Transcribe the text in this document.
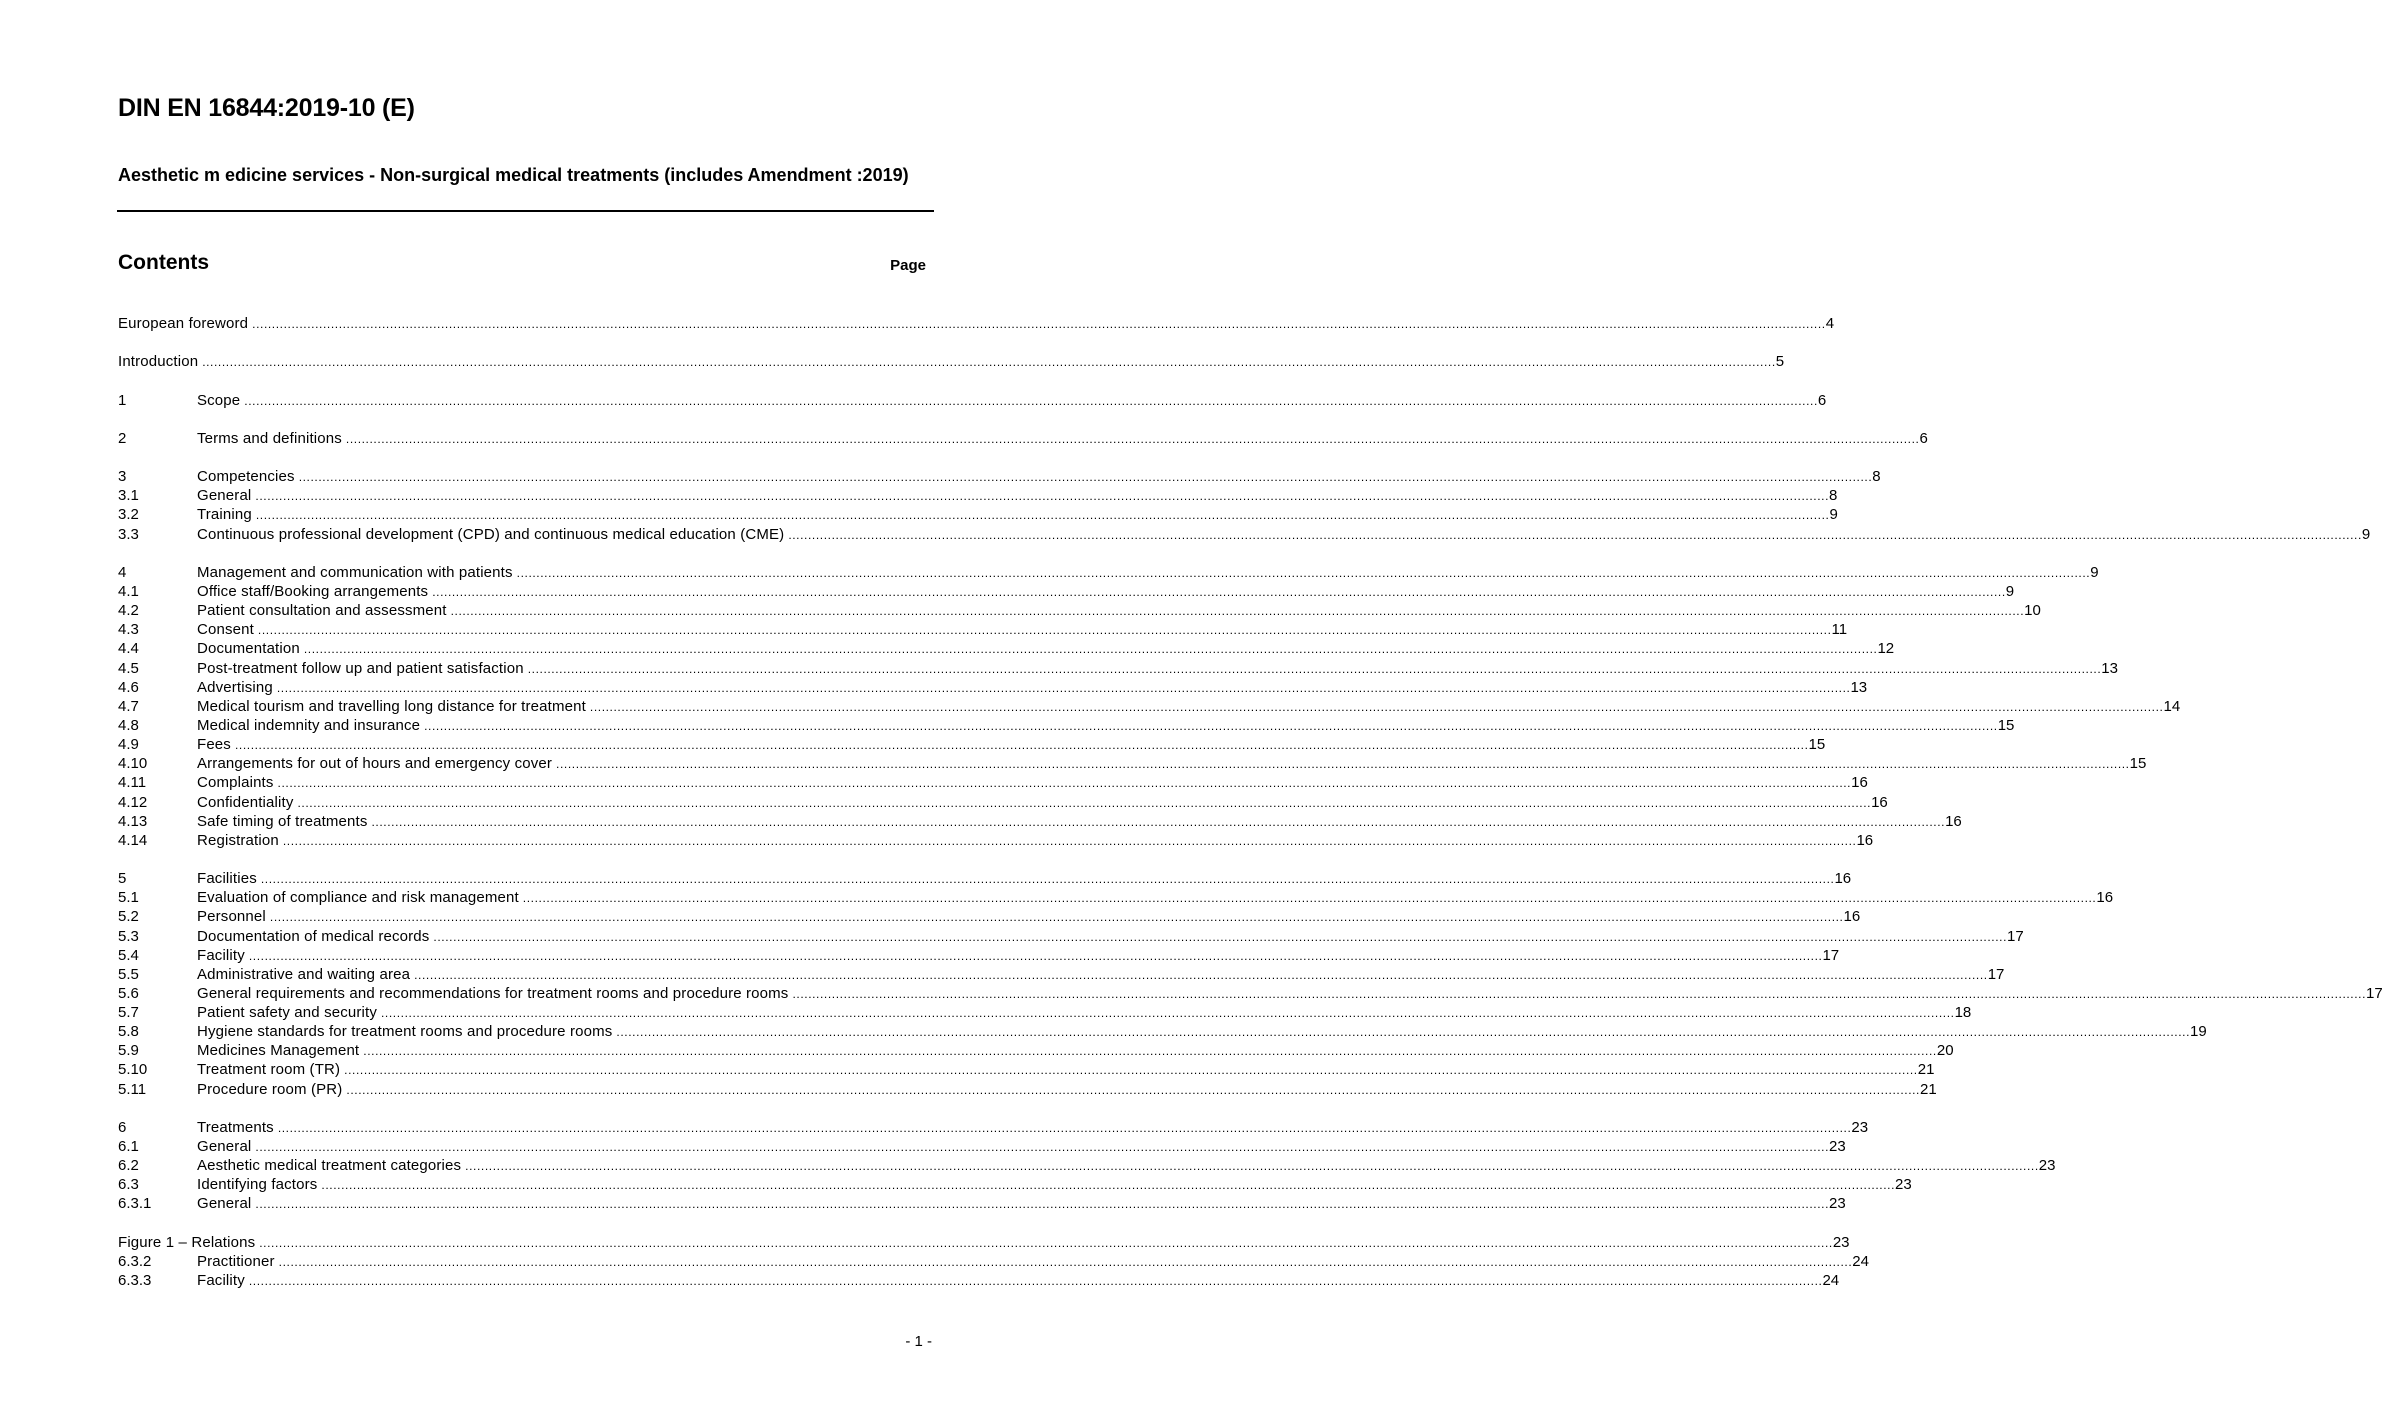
DIN EN 16844:2019-10 (E)
Aesthetic m edicine services - Non-surgical medical treatments (includes Amendment :2019)
Contents	Page
European foreword ................................................................................................................................................................................................................................................................................................................................................................................................................ 4
Introduction ................................................................................................................................................................................................................................................................................................................................................................................................................ 5
1	Scope ................................................................................................................................................................................................................................................................................................................................................................................................................ 6
2	Terms and definitions ................................................................................................................................................................................................................................................................................................................................................................................................................ 6
3	Competencies ................................................................................................................................................................................................................................................................................................................................................................................................................ 8
3.1	General ................................................................................................................................................................................................................................................................................................................................................................................................................ 8
3.2	Training ................................................................................................................................................................................................................................................................................................................................................................................................................ 9
3.3	Continuous professional development (CPD) and continuous medical education (CME) ................................................................................................................................................................................................................................................................................................................................................................................................................ 9
4	Management and communication with patients ................................................................................................................................................................................................................................................................................................................................................................................................................ 9
4.1	Office staff/Booking arrangements ................................................................................................................................................................................................................................................................................................................................................................................................................ 9
4.2	Patient consultation and assessment ................................................................................................................................................................................................................................................................................................................................................................................................................ 10
4.3	Consent ................................................................................................................................................................................................................................................................................................................................................................................................................ 11
4.4	Documentation ................................................................................................................................................................................................................................................................................................................................................................................................................ 12
4.5	Post-treatment follow up and patient satisfaction ................................................................................................................................................................................................................................................................................................................................................................................................................ 13
4.6	Advertising ................................................................................................................................................................................................................................................................................................................................................................................................................ 13
4.7	Medical tourism and travelling long distance for treatment ................................................................................................................................................................................................................................................................................................................................................................................................................ 14
4.8	Medical indemnity and insurance ................................................................................................................................................................................................................................................................................................................................................................................................................ 15
4.9	Fees ................................................................................................................................................................................................................................................................................................................................................................................................................ 15
4.10	Arrangements for out of hours and emergency cover ................................................................................................................................................................................................................................................................................................................................................................................................................ 15
4.11	Complaints ................................................................................................................................................................................................................................................................................................................................................................................................................ 16
4.12	Confidentiality ................................................................................................................................................................................................................................................................................................................................................................................................................ 16
4.13	Safe timing of treatments ................................................................................................................................................................................................................................................................................................................................................................................................................ 16
4.14	Registration ................................................................................................................................................................................................................................................................................................................................................................................................................ 16
5	Facilities ................................................................................................................................................................................................................................................................................................................................................................................................................ 16
5.1	Evaluation of compliance and risk management ................................................................................................................................................................................................................................................................................................................................................................................................................ 16
5.2	Personnel ................................................................................................................................................................................................................................................................................................................................................................................................................ 16
5.3	Documentation of medical records ................................................................................................................................................................................................................................................................................................................................................................................................................ 17
5.4	Facility ................................................................................................................................................................................................................................................................................................................................................................................................................ 17
5.5	Administrative and waiting area ................................................................................................................................................................................................................................................................................................................................................................................................................ 17
5.6	General requirements and recommendations for treatment rooms and procedure rooms ................................................................................................................................................................................................................................................................................................................................................................................................................ 17
5.7	Patient safety and security ................................................................................................................................................................................................................................................................................................................................................................................................................ 18
5.8	Hygiene standards for treatment rooms and procedure rooms ................................................................................................................................................................................................................................................................................................................................................................................................................ 19
5.9	Medicines Management ................................................................................................................................................................................................................................................................................................................................................................................................................ 20
5.10	Treatment room (TR) ................................................................................................................................................................................................................................................................................................................................................................................................................ 21
5.11	Procedure room (PR) ................................................................................................................................................................................................................................................................................................................................................................................................................ 21
6	Treatments ................................................................................................................................................................................................................................................................................................................................................................................................................ 23
6.1	General ................................................................................................................................................................................................................................................................................................................................................................................................................ 23
6.2	Aesthetic medical treatment categories ................................................................................................................................................................................................................................................................................................................................................................................................................ 23
6.3	Identifying factors ................................................................................................................................................................................................................................................................................................................................................................................................................ 23
6.3.1	General ................................................................................................................................................................................................................................................................................................................................................................................................................ 23
Figure 1 – Relations ................................................................................................................................................................................................................................................................................................................................................................................................................ 23
6.3.2	Practitioner ................................................................................................................................................................................................................................................................................................................................................................................................................ 24
6.3.3	Facility ................................................................................................................................................................................................................................................................................................................................................................................................................ 24
- 1 -
